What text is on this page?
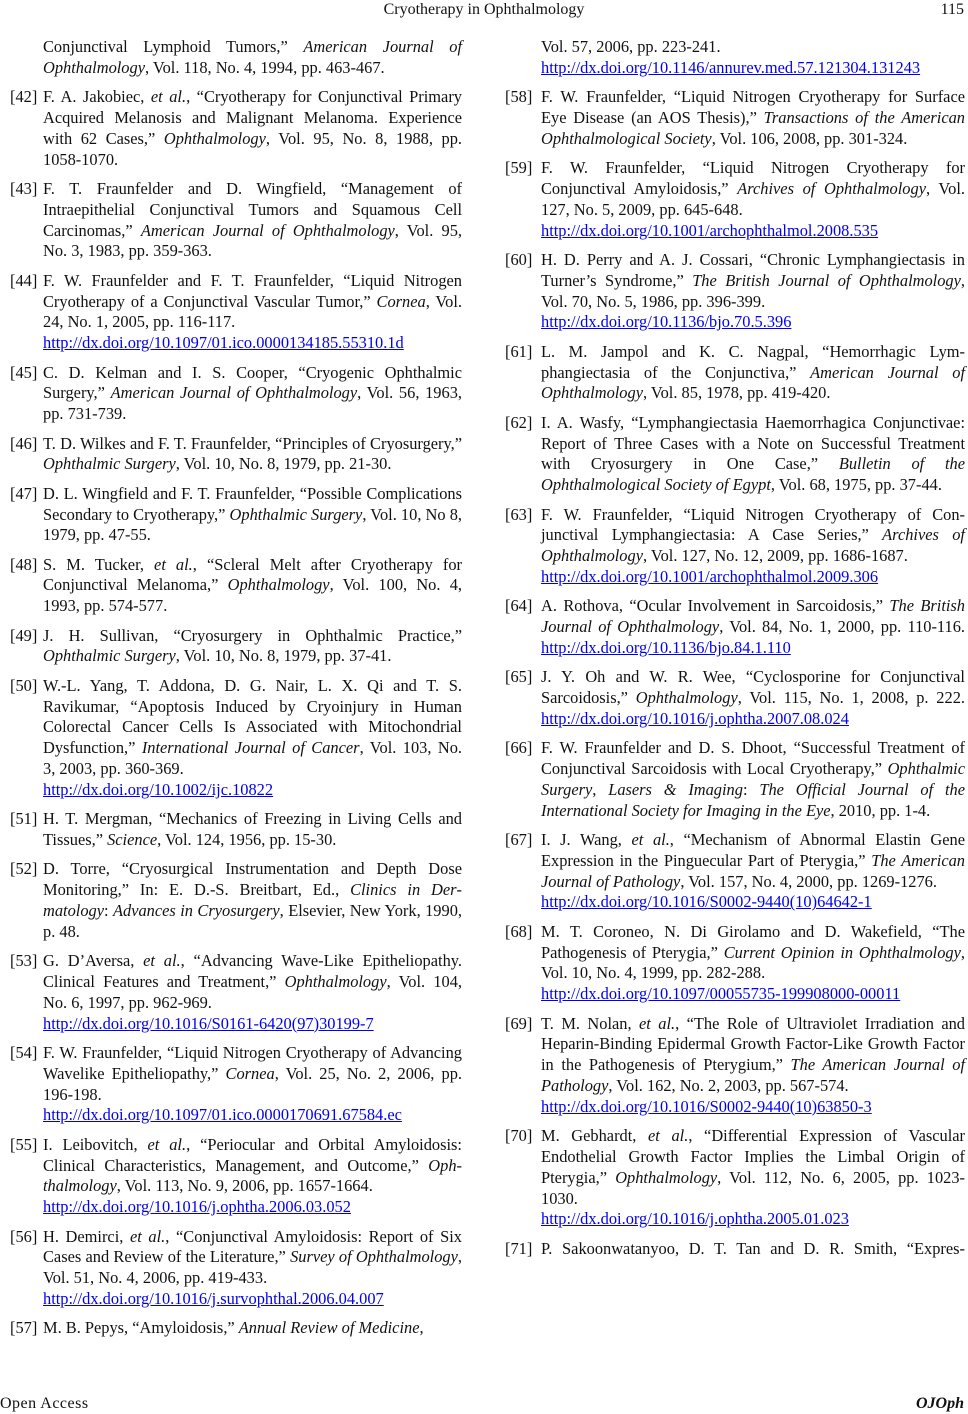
Cryotherapy in Ophthalmology	115
Conjunctival Lymphoid Tumors,” American Journal of Ophthalmology, Vol. 118, No. 4, 1994, pp. 463-467.
[42] F. A. Jakobiec, et al., “Cryotherapy for Conjunctival Primary Acquired Melanosis and Malignant Melanoma. Experience with 62 Cases,” Ophthalmology, Vol. 95, No. 8, 1988, pp. 1058-1070.
[43] F. T. Fraunfelder and D. Wingfield, “Management of Intraepithelial Conjunctival Tumors and Squamous Cell Carcinomas,” American Journal of Ophthalmology, Vol. 95, No. 3, 1983, pp. 359-363.
[44] F. W. Fraunfelder and F. T. Fraunfelder, “Liquid Nitrogen Cryotherapy of a Conjunctival Vascular Tumor,” Cornea, Vol. 24, No. 1, 2005, pp. 116-117.
http://dx.doi.org/10.1097/01.ico.0000134185.55310.1d
[45] C. D. Kelman and I. S. Cooper, “Cryogenic Ophthalmic Surgery,” American Journal of Ophthalmology, Vol. 56, 1963, pp. 731-739.
[46] T. D. Wilkes and F. T. Fraunfelder, “Principles of Cryosurgery,” Ophthalmic Surgery, Vol. 10, No. 8, 1979, pp. 21-30.
[47] D. L. Wingfield and F. T. Fraunfelder, “Possible Complications Secondary to Cryotherapy,” Ophthalmic Surgery, Vol. 10, No 8, 1979, pp. 47-55.
[48] S. M. Tucker, et al., “Scleral Melt after Cryotherapy for Conjunctival Melanoma,” Ophthalmology, Vol. 100, No. 4, 1993, pp. 574-577.
[49] J. H. Sullivan, “Cryosurgery in Ophthalmic Practice,” Ophthalmic Surgery, Vol. 10, No. 8, 1979, pp. 37-41.
[50] W.-L. Yang, T. Addona, D. G. Nair, L. X. Qi and T. S. Ravikumar, “Apoptosis Induced by Cryoinjury in Human Colorectal Cancer Cells Is Associated with Mitochondrial Dysfunction,” International Journal of Cancer, Vol. 103, No. 3, 2003, pp. 360-369.
http://dx.doi.org/10.1002/ijc.10822
[51] H. T. Mergman, “Mechanics of Freezing in Living Cells and Tissues,” Science, Vol. 124, 1956, pp. 15-30.
[52] D. Torre, “Cryosurgical Instrumentation and Depth Dose Monitoring,” In: E. D.-S. Breitbart, Ed., Clinics in Dermatology: Advances in Cryosurgery, Elsevier, New York, 1990, p. 48.
[53] G. D’Aversa, et al., “Advancing Wave-Like Epitheliopathy. Clinical Features and Treatment,” Ophthalmology, Vol. 104, No. 6, 1997, pp. 962-969.
http://dx.doi.org/10.1016/S0161-6420(97)30199-7
[54] F. W. Fraunfelder, “Liquid Nitrogen Cryotherapy of Advancing Wavelike Epitheliopathy,” Cornea, Vol. 25, No. 2, 2006, pp. 196-198.
http://dx.doi.org/10.1097/01.ico.0000170691.67584.ec
[55] I. Leibovitch, et al., “Periocular and Orbital Amyloidosis: Clinical Characteristics, Management, and Outcome,” Ophthalmology, Vol. 113, No. 9, 2006, pp. 1657-1664.
http://dx.doi.org/10.1016/j.ophtha.2006.03.052
[56] H. Demirci, et al., “Conjunctival Amyloidosis: Report of Six Cases and Review of the Literature,” Survey of Ophthalmology, Vol. 51, No. 4, 2006, pp. 419-433.
http://dx.doi.org/10.1016/j.survophthal.2006.04.007
[57] M. B. Pepys, “Amyloidosis,” Annual Review of Medicine,
Vol. 57, 2006, pp. 223-241.
http://dx.doi.org/10.1146/annurev.med.57.121304.131243
[58] F. W. Fraunfelder, “Liquid Nitrogen Cryotherapy for Surface Eye Disease (an AOS Thesis),” Transactions of the American Ophthalmological Society, Vol. 106, 2008, pp. 301-324.
[59] F. W. Fraunfelder, “Liquid Nitrogen Cryotherapy for Conjunctival Amyloidosis,” Archives of Ophthalmology, Vol. 127, No. 5, 2009, pp. 645-648.
http://dx.doi.org/10.1001/archophthalmol.2008.535
[60] H. D. Perry and A. J. Cossari, “Chronic Lymphangiectasis in Turner’s Syndrome,” The British Journal of Ophthalmology, Vol. 70, No. 5, 1986, pp. 396-399.
http://dx.doi.org/10.1136/bjo.70.5.396
[61] L. M. Jampol and K. C. Nagpal, “Hemorrhagic Lymphangiectasia of the Conjunctiva,” American Journal of Ophthalmology, Vol. 85, 1978, pp. 419-420.
[62] I. A. Wasfy, “Lymphangiectasia Haemorrhagica Conjunctivae: Report of Three Cases with a Note on Successful Treatment with Cryosurgery in One Case,” Bulletin of the Ophthalmological Society of Egypt, Vol. 68, 1975, pp. 37-44.
[63] F. W. Fraunfelder, “Liquid Nitrogen Cryotherapy of Conjunctival Lymphangiectasia: A Case Series,” Archives of Ophthalmology, Vol. 127, No. 12, 2009, pp. 1686-1687.
http://dx.doi.org/10.1001/archophthalmol.2009.306
[64] A. Rothova, “Ocular Involvement in Sarcoidosis,” The British Journal of Ophthalmology, Vol. 84, No. 1, 2000, pp. 110-116. http://dx.doi.org/10.1136/bjo.84.1.110
[65] J. Y. Oh and W. R. Wee, “Cyclosporine for Conjunctival Sarcoidosis,” Ophthalmology, Vol. 115, No. 1, 2008, p. 222. http://dx.doi.org/10.1016/j.ophtha.2007.08.024
[66] F. W. Fraunfelder and D. S. Dhoot, “Successful Treatment of Conjunctival Sarcoidosis with Local Cryotherapy,” Ophthalmic Surgery, Lasers & Imaging: The Official Journal of the International Society for Imaging in the Eye, 2010, pp. 1-4.
[67] I. J. Wang, et al., “Mechanism of Abnormal Elastin Gene Expression in the Pinguecular Part of Pterygia,” The American Journal of Pathology, Vol. 157, No. 4, 2000, pp. 1269-1276.
http://dx.doi.org/10.1016/S0002-9440(10)64642-1
[68] M. T. Coroneo, N. Di Girolamo and D. Wakefield, “The Pathogenesis of Pterygia,” Current Opinion in Ophthalmology, Vol. 10, No. 4, 1999, pp. 282-288.
http://dx.doi.org/10.1097/00055735-199908000-00011
[69] T. M. Nolan, et al., “The Role of Ultraviolet Irradiation and Heparin-Binding Epidermal Growth Factor-Like Growth Factor in the Pathogenesis of Pterygium,” The American Journal of Pathology, Vol. 162, No. 2, 2003, pp. 567-574.
http://dx.doi.org/10.1016/S0002-9440(10)63850-3
[70] M. Gebhardt, et al., “Differential Expression of Vascular Endothelial Growth Factor Implies the Limbal Origin of Pterygia,” Ophthalmology, Vol. 112, No. 6, 2005, pp. 1023-1030.
http://dx.doi.org/10.1016/j.ophtha.2005.01.023
[71] P. Sakoonwatanyoo, D. T. Tan and D. R. Smith, “Expres-
Open Access	OJOph
